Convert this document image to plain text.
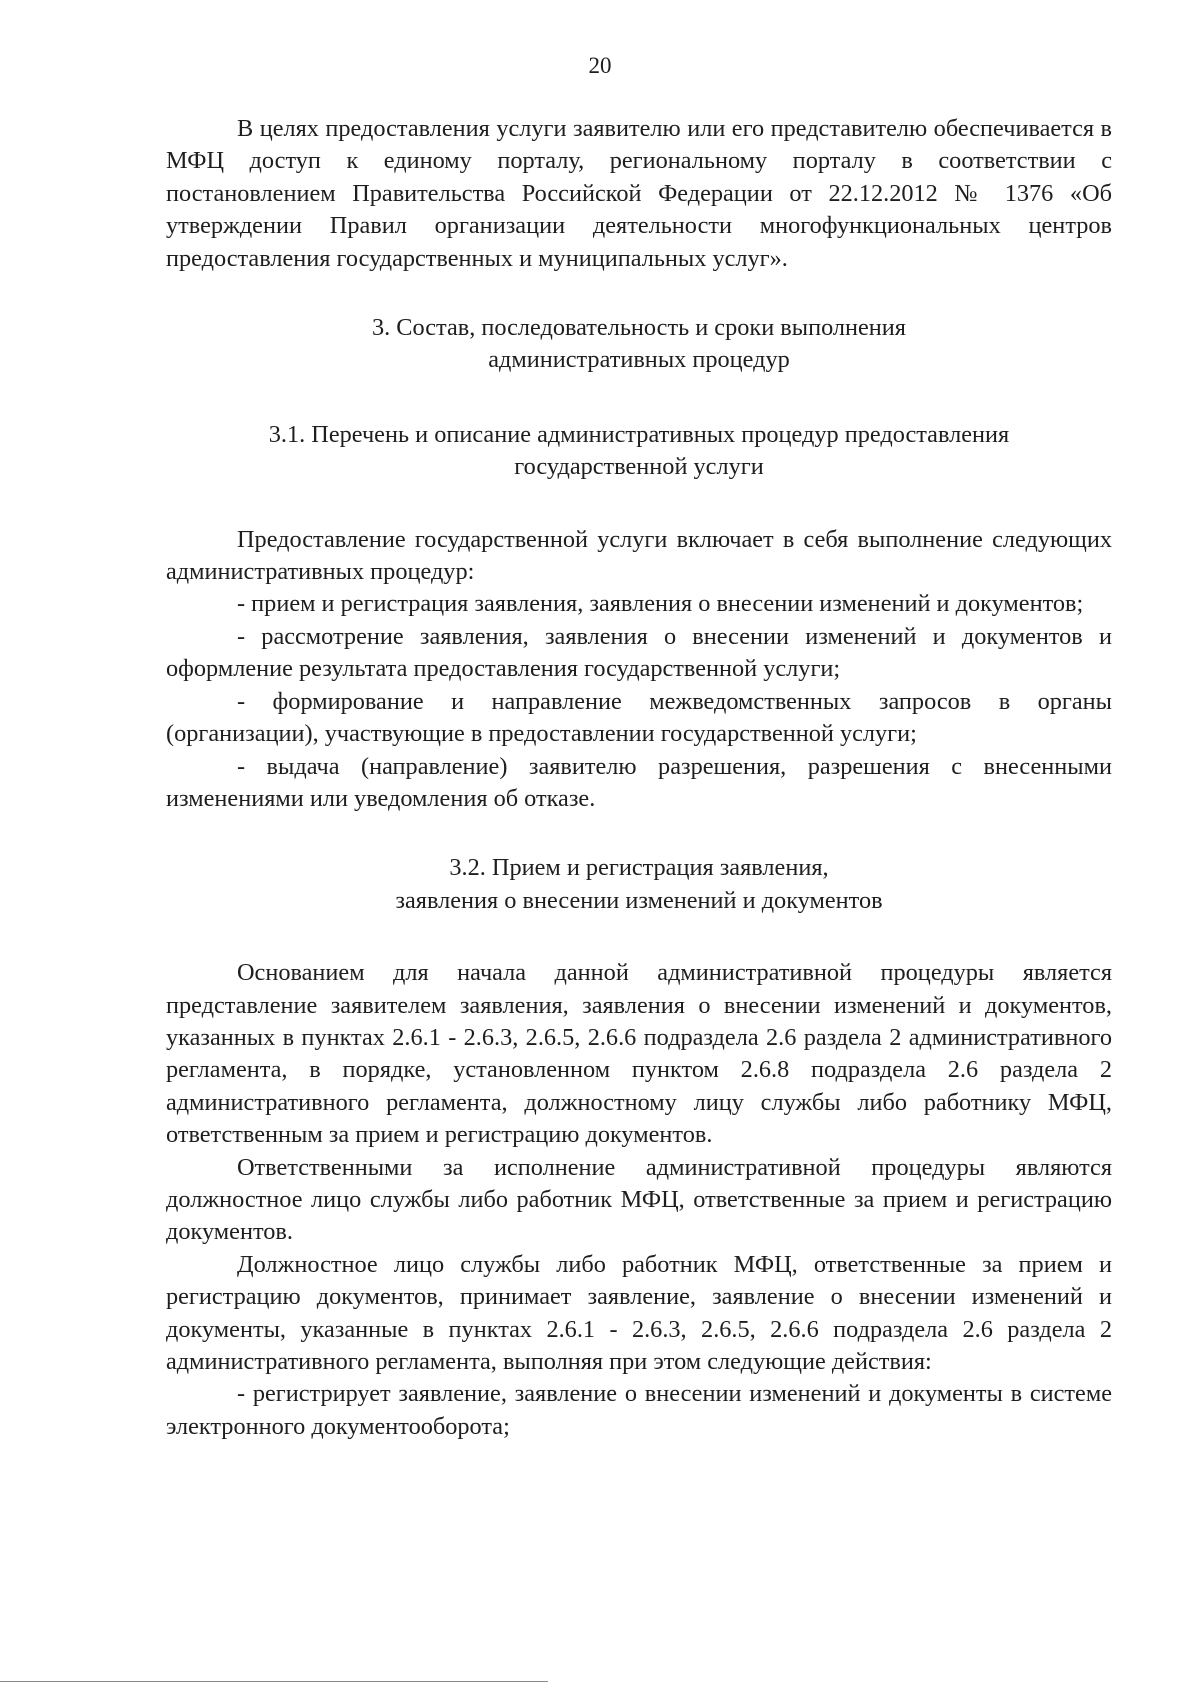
20

В целях предоставления услуги заявителю или его представителю обеспечивается в МФЦ доступ к единому порталу, региональному порталу в соответствии с постановлением Правительства Российской Федерации от 22.12.2012 № 1376 «Об утверждении Правил организации деятельности многофункциональных центров предоставления государственных и муниципальных услуг».

3. Состав, последовательность и сроки выполнения

административных процедур

3.1. Перечень и описание административных процедур предоставления

государственной услуги

Предоставление государственной услуги включает в себя выполнение следующих административных процедур:

- прием и регистрация заявления, заявления о внесении изменений и документов;

- рассмотрение заявления, заявления о внесении изменений и документов и оформление результата предоставления государственной услуги;

- формирование и направление межведомственных запросов в органы (организации), участвующие в предоставлении государственной услуги;

- выдача (направление) заявителю разрешения, разрешения с внесенными изменениями или уведомления об отказе.

3.2. Прием и регистрация заявления,

заявления о внесении изменений и документов

Основанием для начала данной административной процедуры является представление заявителем заявления, заявления о внесении изменений и документов, указанных в пунктах 2.6.1 - 2.6.3, 2.6.5, 2.6.6 подраздела 2.6 раздела 2 административного регламента, в порядке, установленном пунктом 2.6.8 подраздела 2.6 раздела 2 административного регламента, должностному лицу службы либо работнику МФЦ, ответственным за прием и регистрацию документов.

Ответственными за исполнение административной процедуры являются должностное лицо службы либо работник МФЦ, ответственные за прием и регистрацию документов.

Должностное лицо службы либо работник МФЦ, ответственные за прием и регистрацию документов, принимает заявление, заявление о внесении изменений и документы, указанные в пунктах 2.6.1 - 2.6.3, 2.6.5, 2.6.6 подраздела 2.6 раздела 2 административного регламента, выполняя при этом следующие действия:

- регистрирует заявление, заявление о внесении изменений и документы в системе электронного документооборота;
